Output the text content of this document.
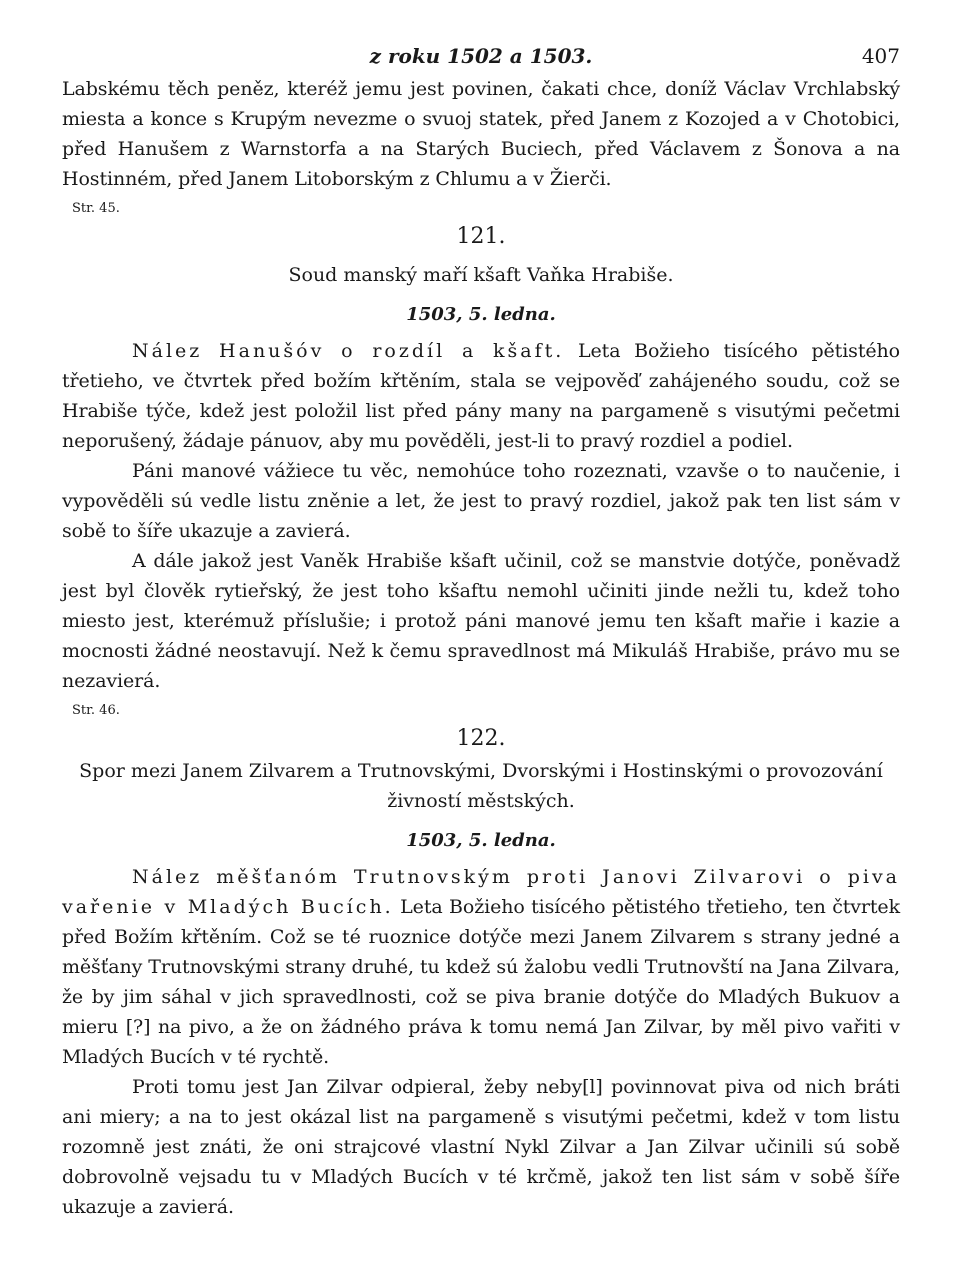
z roku 1502 a 1503.	407

Labskému těch peněz, kteréž jemu jest povinen, čakati chce, doníž Václav Vrchlabský miesta a konce s Krupým nevezme o svuoj statek, před Janem z Kozojed a v Chotobici, před Hanušem z Warnstorfa a na Starých Buciech, před Václavem z Šonova a na Hostinném, před Janem Litoborským z Chlumu a v Žierči.

Str. 45.
121.
Soud manský maří kšaft Vaňka Hrabiše.
1503, 5. ledna.

Nález Hanušóv o rozdíl a kšaft. Leta Božieho tisícého pětistého třetieho, ve čtvrtek před božím křtěním, stala se vejpověď zahájeného soudu, což se Hrabiše týče, kdež jest položil list před pány many na pargameně s visutými pečetmi neporušený, žádaje pánuov, aby mu pověděli, jest-li to pravý rozdiel a podiel.

Páni manové vážiece tu věc, nemohúce toho rozeznati, vzavše o to naučenie, i vypověděli sú vedle listu zněnie a let, že jest to pravý rozdiel, jakož pak ten list sám v sobě to šíře ukazuje a zavierá.

A dále jakož jest Vaněk Hrabiše kšaft učinil, což se manstvie dotýče, poněvadž jest byl člověk rytieřský, že jest toho kšaftu nemohl učiniti jinde nežli tu, kdež toho miesto jest, kterémuž příslušie; i protož páni manové jemu ten kšaft mařie i kazie a mocnosti žádné neostavují. Než k čemu spravedlnost má Mikuláš Hrabiše, právo mu se nezavierá.

Str. 46.
122.
Spor mezi Janem Zilvarem a Trutnovskými, Dvorskými i Hostinskými o provozování živností městských.
1503, 5. ledna.

Nález měšťanóm Trutnovským proti Janovi Zilvarovi o piva vařenie v Mladých Bucích. Leta Božieho tisícého pětistého třetieho, ten čtvrtek před Božím křtěním. Což se té ruoznice dotýče mezi Janem Zilvarem s strany jedné a měšťany Trutnovskými strany druhé, tu kdež sú žalobu vedli Trutnovští na Jana Zilvara, že by jim sáhal v jich spravedlnosti, což se piva branie dotýče do Mladých Bukuov a mieru [?] na pivo, a že on žádného práva k tomu nemá Jan Zilvar, by měl pivo vařiti v Mladých Bucích v té rychtě.

Proti tomu jest Jan Zilvar odpieral, žeby neby[l] povinnovat piva od nich bráti ani miery; a na to jest okázal list na pargameně s visutými pečetmi, kdež v tom listu rozomně jest znáti, že oni strajcové vlastní Nykl Zilvar a Jan Zilvar učinili sú sobě dobrovolně vejsadu tu v Mladých Bucích v té krčmě, jakož ten list sám v sobě šíře ukazuje a zavierá.
